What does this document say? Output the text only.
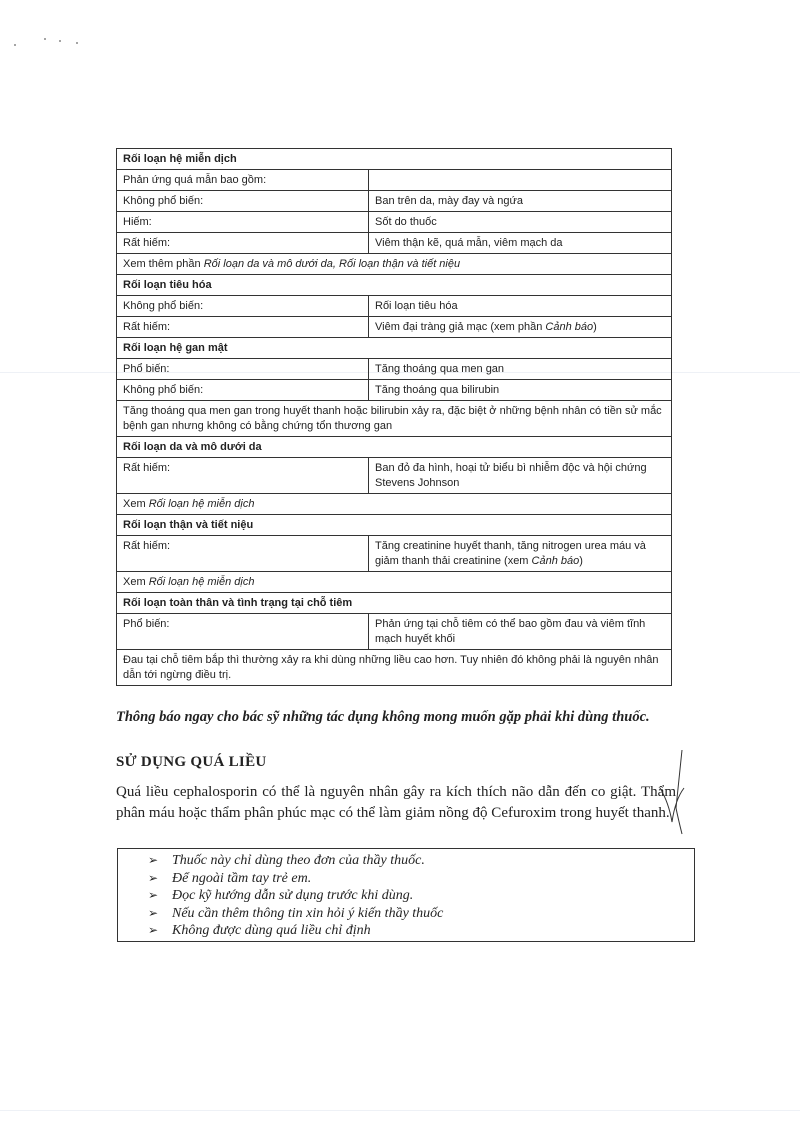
Rối loạn hệ miễn dịch	
Phản ứng quá mẫn bao gồm:	
Không phổ biến:	Ban trên da, mày đay và ngứa
Hiếm:	Sốt do thuốc
Rất hiếm:	Viêm thận kẽ, quá mẫn, viêm mạch da
Xem thêm phần Rối loạn da và mô dưới da, Rối loạn thận và tiết niệu	
Rối loạn tiêu hóa	
Không phổ biến:	Rối loạn tiêu hóa
Rất hiếm:	Viêm đại tràng giả mạc (xem phần Cảnh báo)
Rối loạn hệ gan mật	
Phổ biến:	Tăng thoáng qua men gan
Không phổ biến:	Tăng thoáng qua bilirubin
Tăng thoáng qua men gan trong huyết thanh hoặc bilirubin xảy ra, đặc biệt ở những bệnh nhân có tiền sử mắc bệnh gan nhưng không có bằng chứng tổn thương gan	
Rối loạn da và mô dưới da	
Rất hiếm:	Ban đỏ đa hình, hoại tử biểu bì nhiễm độc và hội chứng Stevens Johnson
Xem Rối loạn hệ miễn dịch	
Rối loạn thận và tiết niệu	
Rất hiếm:	Tăng creatinine huyết thanh, tăng nitrogen urea máu và giảm thanh thải creatinine (xem Cảnh báo)
Xem Rối loạn hệ miễn dịch	
Rối loạn toàn thân và tình trạng tại chỗ tiêm	
Phổ biến:	Phản ứng tại chỗ tiêm có thể bao gồm đau và viêm tĩnh mạch huyết khối
Đau tại chỗ tiêm bắp thì thường xảy ra khi dùng những liều cao hơn. Tuy nhiên đó không phải là nguyên nhân dẫn tới ngừng điều trị.	
Thông báo ngay cho bác sỹ những tác dụng không mong muốn gặp phải khi dùng thuốc.
SỬ DỤNG QUÁ LIỀU
Quá liều cephalosporin có thể là nguyên nhân gây ra kích thích não dẫn đến co giật. Thẩm phân máu hoặc thẩm phân phúc mạc có thể làm giảm nồng độ Cefuroxim trong huyết thanh.
➢ Thuốc này chỉ dùng theo đơn của thầy thuốc.
➢ Để ngoài tầm tay trẻ em.
➢ Đọc kỹ hướng dẫn sử dụng trước khi dùng.
➢ Nếu cần thêm thông tin xin hỏi ý kiến thầy thuốc
➢ Không được dùng quá liều chỉ định
